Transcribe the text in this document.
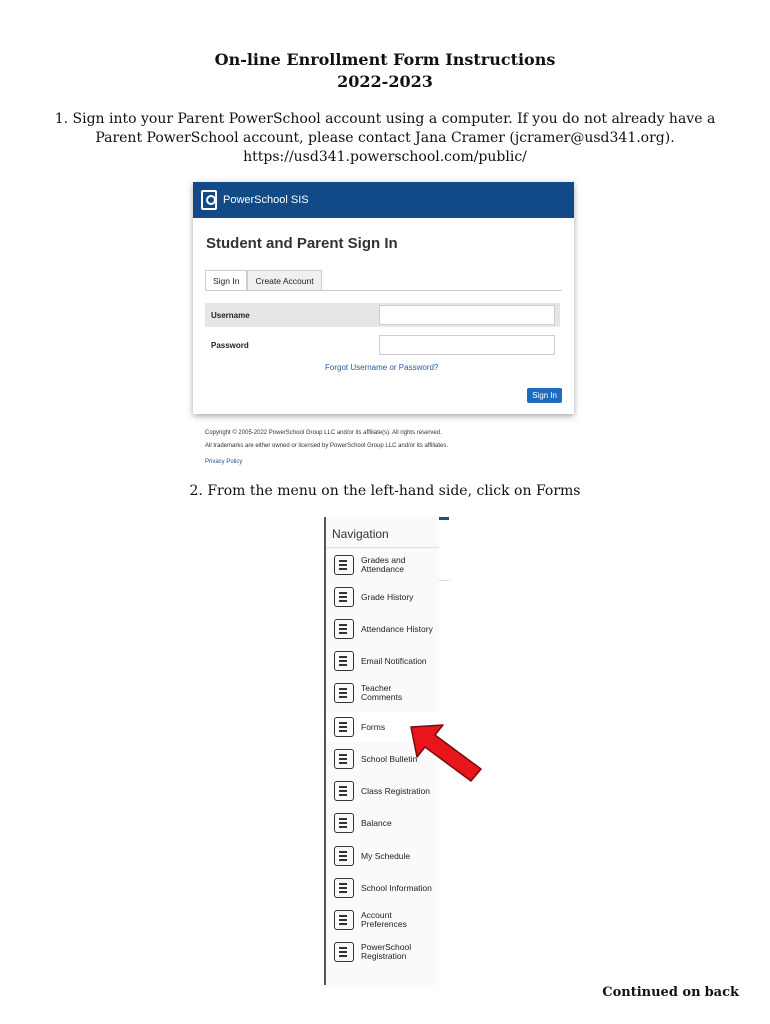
On-line Enrollment Form Instructions
2022-2023
1. Sign into your Parent PowerSchool account using a computer. If you do not already have a Parent PowerSchool account, please contact Jana Cramer (jcramer@usd341.org).
https://usd341.powerschool.com/public/
PowerSchool SIS
Student and Parent Sign In
Sign In	Create Account
Username
Password
Forgot Username or Password?
Sign In
Copyright © 2005-2022 PowerSchool Group LLC and/or its affiliate(s). All rights reserved.
All trademarks are either owned or licensed by PowerSchool Group LLC and/or its affiliates.
Privacy Policy
2. From the menu on the left-hand side, click on Forms
Navigation
Grades and Attendance
Grade History
Attendance History
Email Notification
Teacher Comments
Forms
School Bulletin
Class Registration
Balance
My Schedule
School Information
Account Preferences
PowerSchool Registration
Continued on back
